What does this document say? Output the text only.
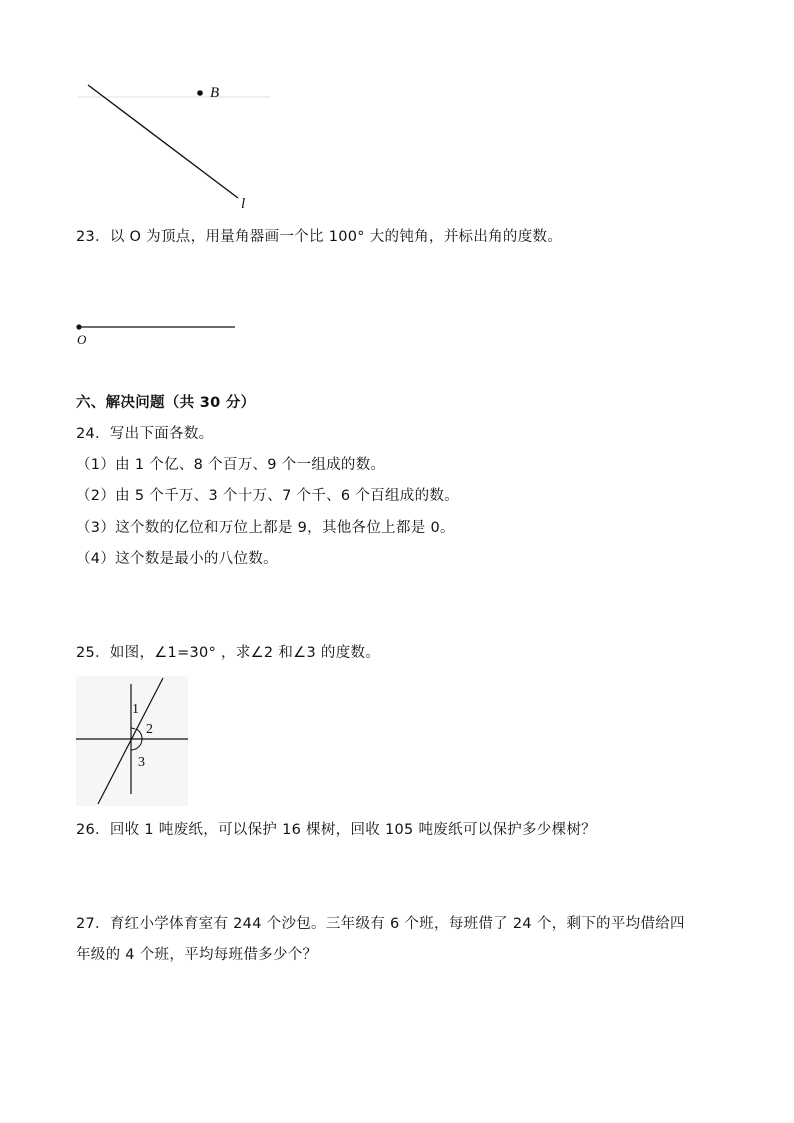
B
l
23．以 O 为顶点，用量角器画一个比 100° 大的钝角，并标出角的度数。
O
六、解决问题（共 30 分）
24．写出下面各数。
（1）由 1 个亿、8 个百万、9 个一组成的数。
（2）由 5 个千万、3 个十万、7 个千、6 个百组成的数。
（3）这个数的亿位和万位上都是 9，其他各位上都是 0。
（4）这个数是最小的八位数。
25．如图，∠1=30° ，求∠2 和∠3 的度数。
1
2
3
26．回收 1 吨废纸，可以保护 16 棵树，回收 105 吨废纸可以保护多少棵树？
27．育红小学体育室有 244 个沙包。三年级有 6 个班，每班借了 24 个，剩下的平均借给四
年级的 4 个班，平均每班借多少个？
